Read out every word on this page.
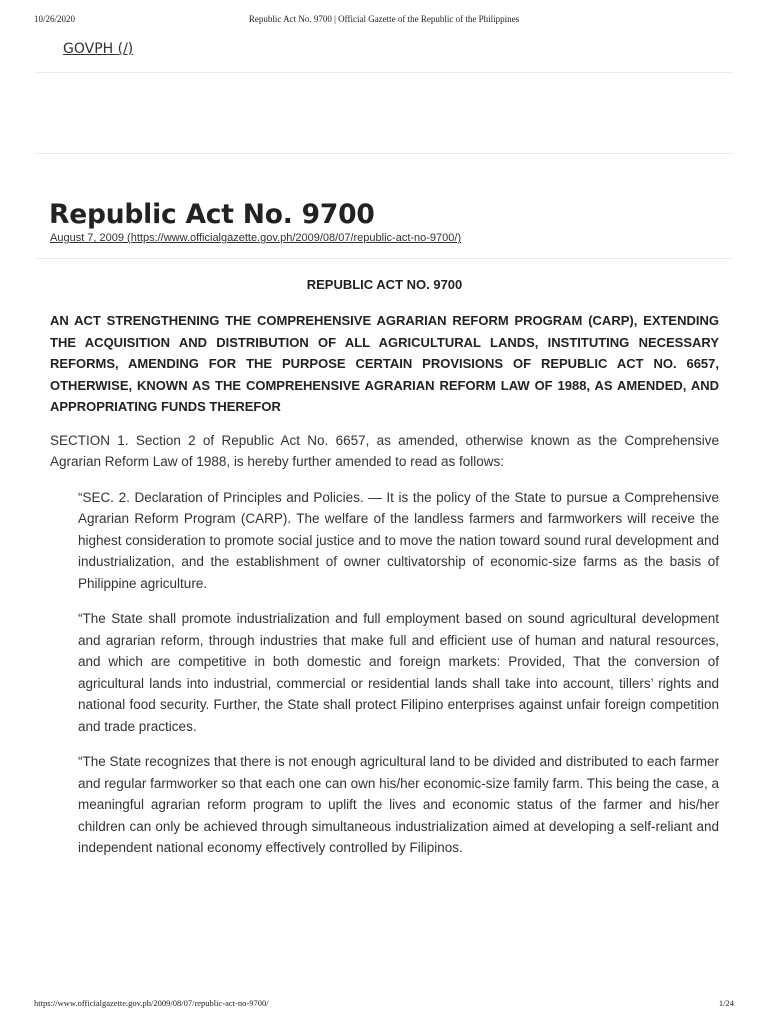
10/26/2020	Republic Act No. 9700 | Official Gazette of the Republic of the Philippines
GOVPH (/)
Republic Act No. 9700
August 7, 2009 (https://www.officialgazette.gov.ph/2009/08/07/republic-act-no-9700/)

REPUBLIC ACT NO. 9700

AN ACT STRENGTHENING THE COMPREHENSIVE AGRARIAN REFORM PROGRAM (CARP), EXTENDING THE ACQUISITION AND DISTRIBUTION OF ALL AGRICULTURAL LANDS, INSTITUTING NECESSARY REFORMS, AMENDING FOR THE PURPOSE CERTAIN PROVISIONS OF REPUBLIC ACT NO. 6657, OTHERWISE, KNOWN AS THE COMPREHENSIVE AGRARIAN REFORM LAW OF 1988, AS AMENDED, AND APPROPRIATING FUNDS THEREFOR

SECTION 1. Section 2 of Republic Act No. 6657, as amended, otherwise known as the Comprehensive Agrarian Reform Law of 1988, is hereby further amended to read as follows:

“SEC. 2. Declaration of Principles and Policies. — It is the policy of the State to pursue a Comprehensive Agrarian Reform Program (CARP). The welfare of the landless farmers and farmworkers will receive the highest consideration to promote social justice and to move the nation toward sound rural development and industrialization, and the establishment of owner cultivatorship of economic-size farms as the basis of Philippine agriculture.

“The State shall promote industrialization and full employment based on sound agricultural development and agrarian reform, through industries that make full and efficient use of human and natural resources, and which are competitive in both domestic and foreign markets: Provided, That the conversion of agricultural lands into industrial, commercial or residential lands shall take into account, tillers’ rights and national food security. Further, the State shall protect Filipino enterprises against unfair foreign competition and trade practices.

“The State recognizes that there is not enough agricultural land to be divided and distributed to each farmer and regular farmworker so that each one can own his/her economic-size family farm. This being the case, a meaningful agrarian reform program to uplift the lives and economic status of the farmer and his/her children can only be achieved through simultaneous industrialization aimed at developing a self-reliant and independent national economy effectively controlled by Filipinos.

https://www.officialgazette.gov.ph/2009/08/07/republic-act-no-9700/	1/24
